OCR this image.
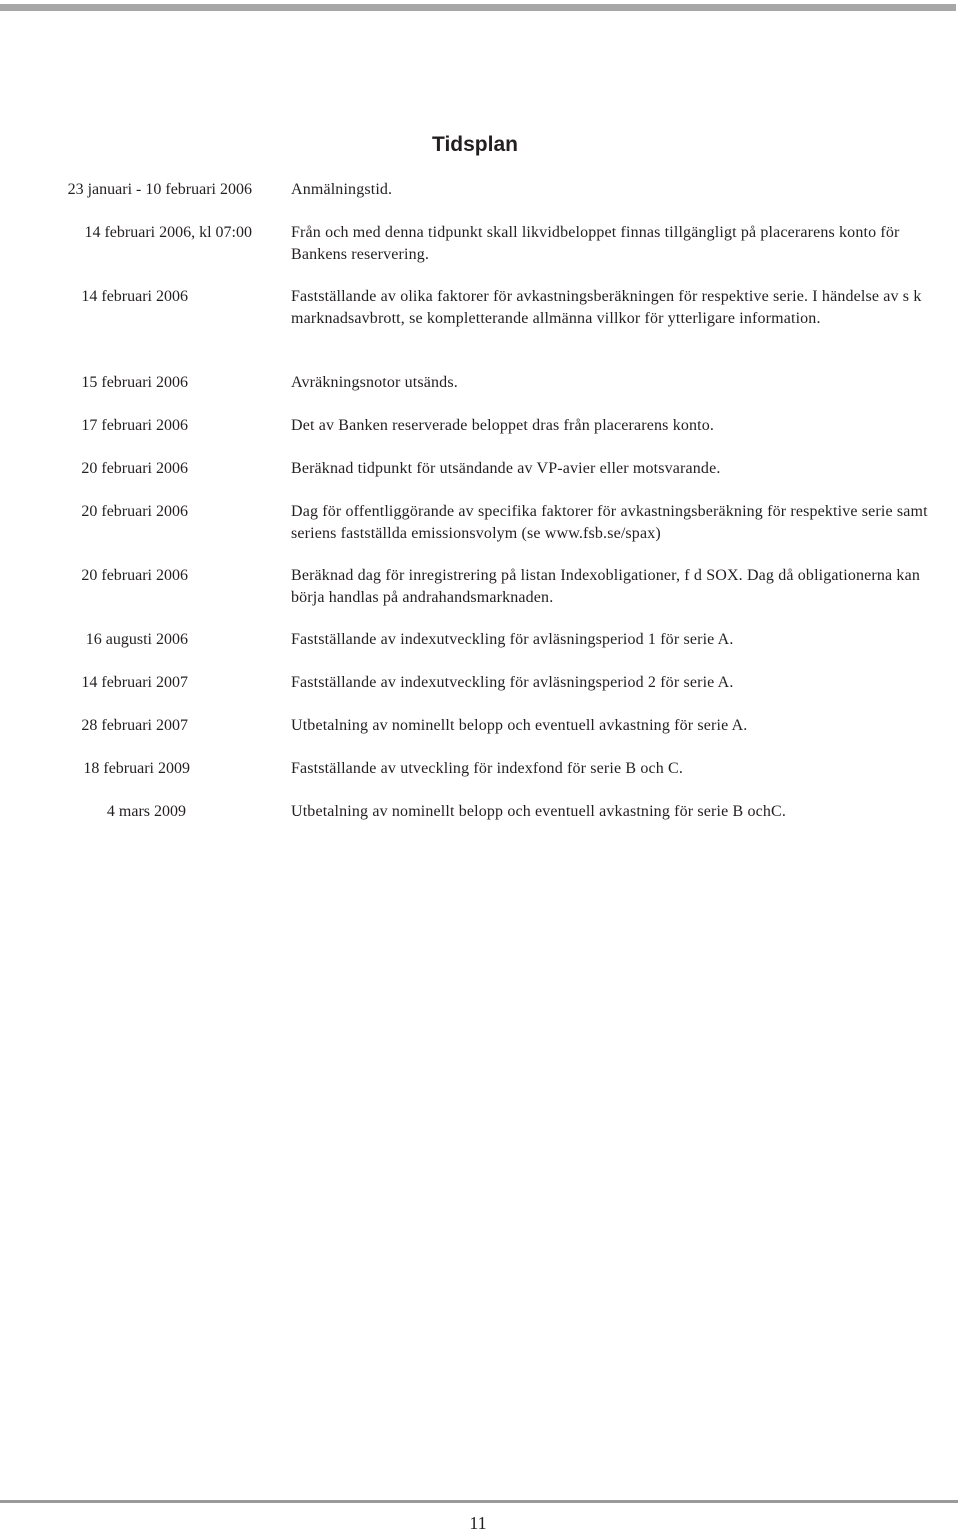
Tidsplan
23 januari - 10 februari 2006 Anmälningstid.
14 februari 2006, kl 07:00 Från och med denna tidpunkt skall likvidbeloppet finnas tillgängligt på placerarens konto för Bankens reservering.
14 februari 2006	Fastställande av olika faktorer för avkastningsberäkningen för respektive serie. I händelse av s k marknadsavbrott, se kompletterande allmänna villkor för ytterligare information.
15 februari 2006	Avräkningsnotor utsänds.
17 februari 2006	Det av Banken reserverade beloppet dras från placerarens konto.
20 februari 2006	Beräknad tidpunkt för utsändande av VP-avier eller motsvarande.
20 februari 2006	Dag för offentliggörande av specifika faktorer för avkastningsberäkning för respektive serie samt seriens fastställda emissionsvolym (se www.fsb.se/spax)
20 februari 2006	Beräknad dag för inregistrering på listan Indexobligationer, f d SOX. Dag då obligationerna kan börja handlas på andrahandsmarknaden.
16 augusti 2006	Fastställande av indexutveckling för avläsningsperiod 1 för serie A.
14 februari 2007	Fastställande av indexutveckling för avläsningsperiod 2 för serie A.
28 februari 2007	Utbetalning av nominellt belopp och eventuell avkastning för serie A.
18 februari 2009	Fastställande av utveckling för indexfond för serie B och C.
4 mars 2009	Utbetalning av nominellt belopp och eventuell avkastning för serie B ochC.
11
